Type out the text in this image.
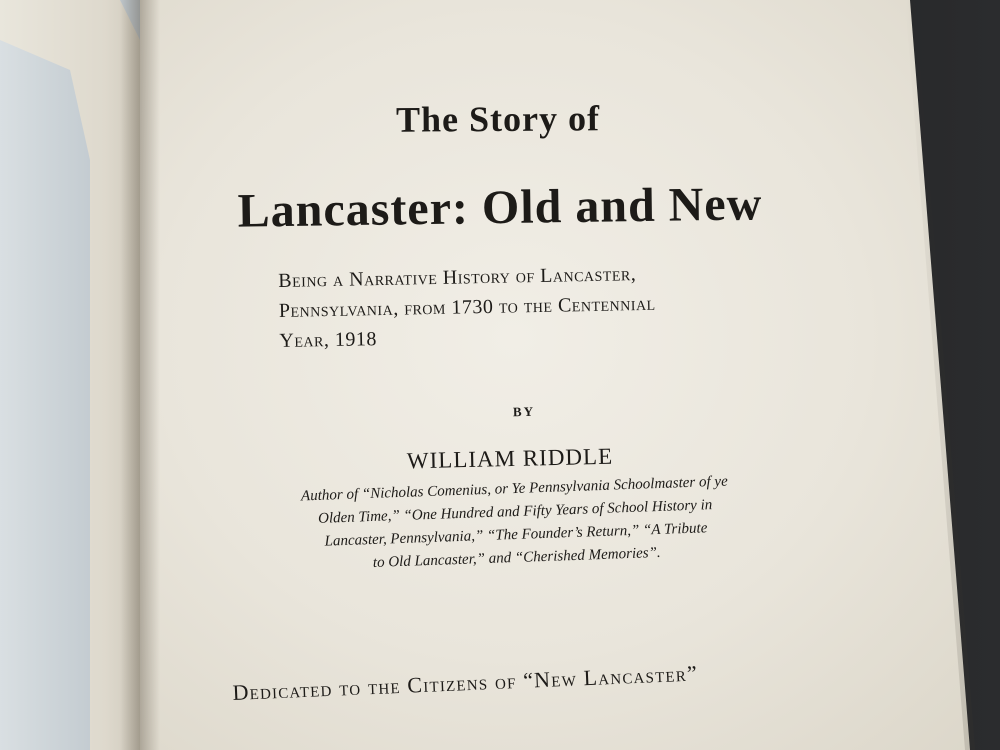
The Story of
Lancaster: Old and New
Being a Narrative History of Lancaster,
Pennsylvania, from 1730 to the Centennial
Year, 1918
BY
WILLIAM RIDDLE
Author of “Nicholas Comenius, or Ye Pennsylvania Schoolmaster of ye
Olden Time,” “One Hundred and Fifty Years of School History in
Lancaster, Pennsylvania,” “The Founder’s Return,” “A Tribute
to Old Lancaster,” and “Cherished Memories”.
Dedicated to the Citizens of “New Lancaster”
